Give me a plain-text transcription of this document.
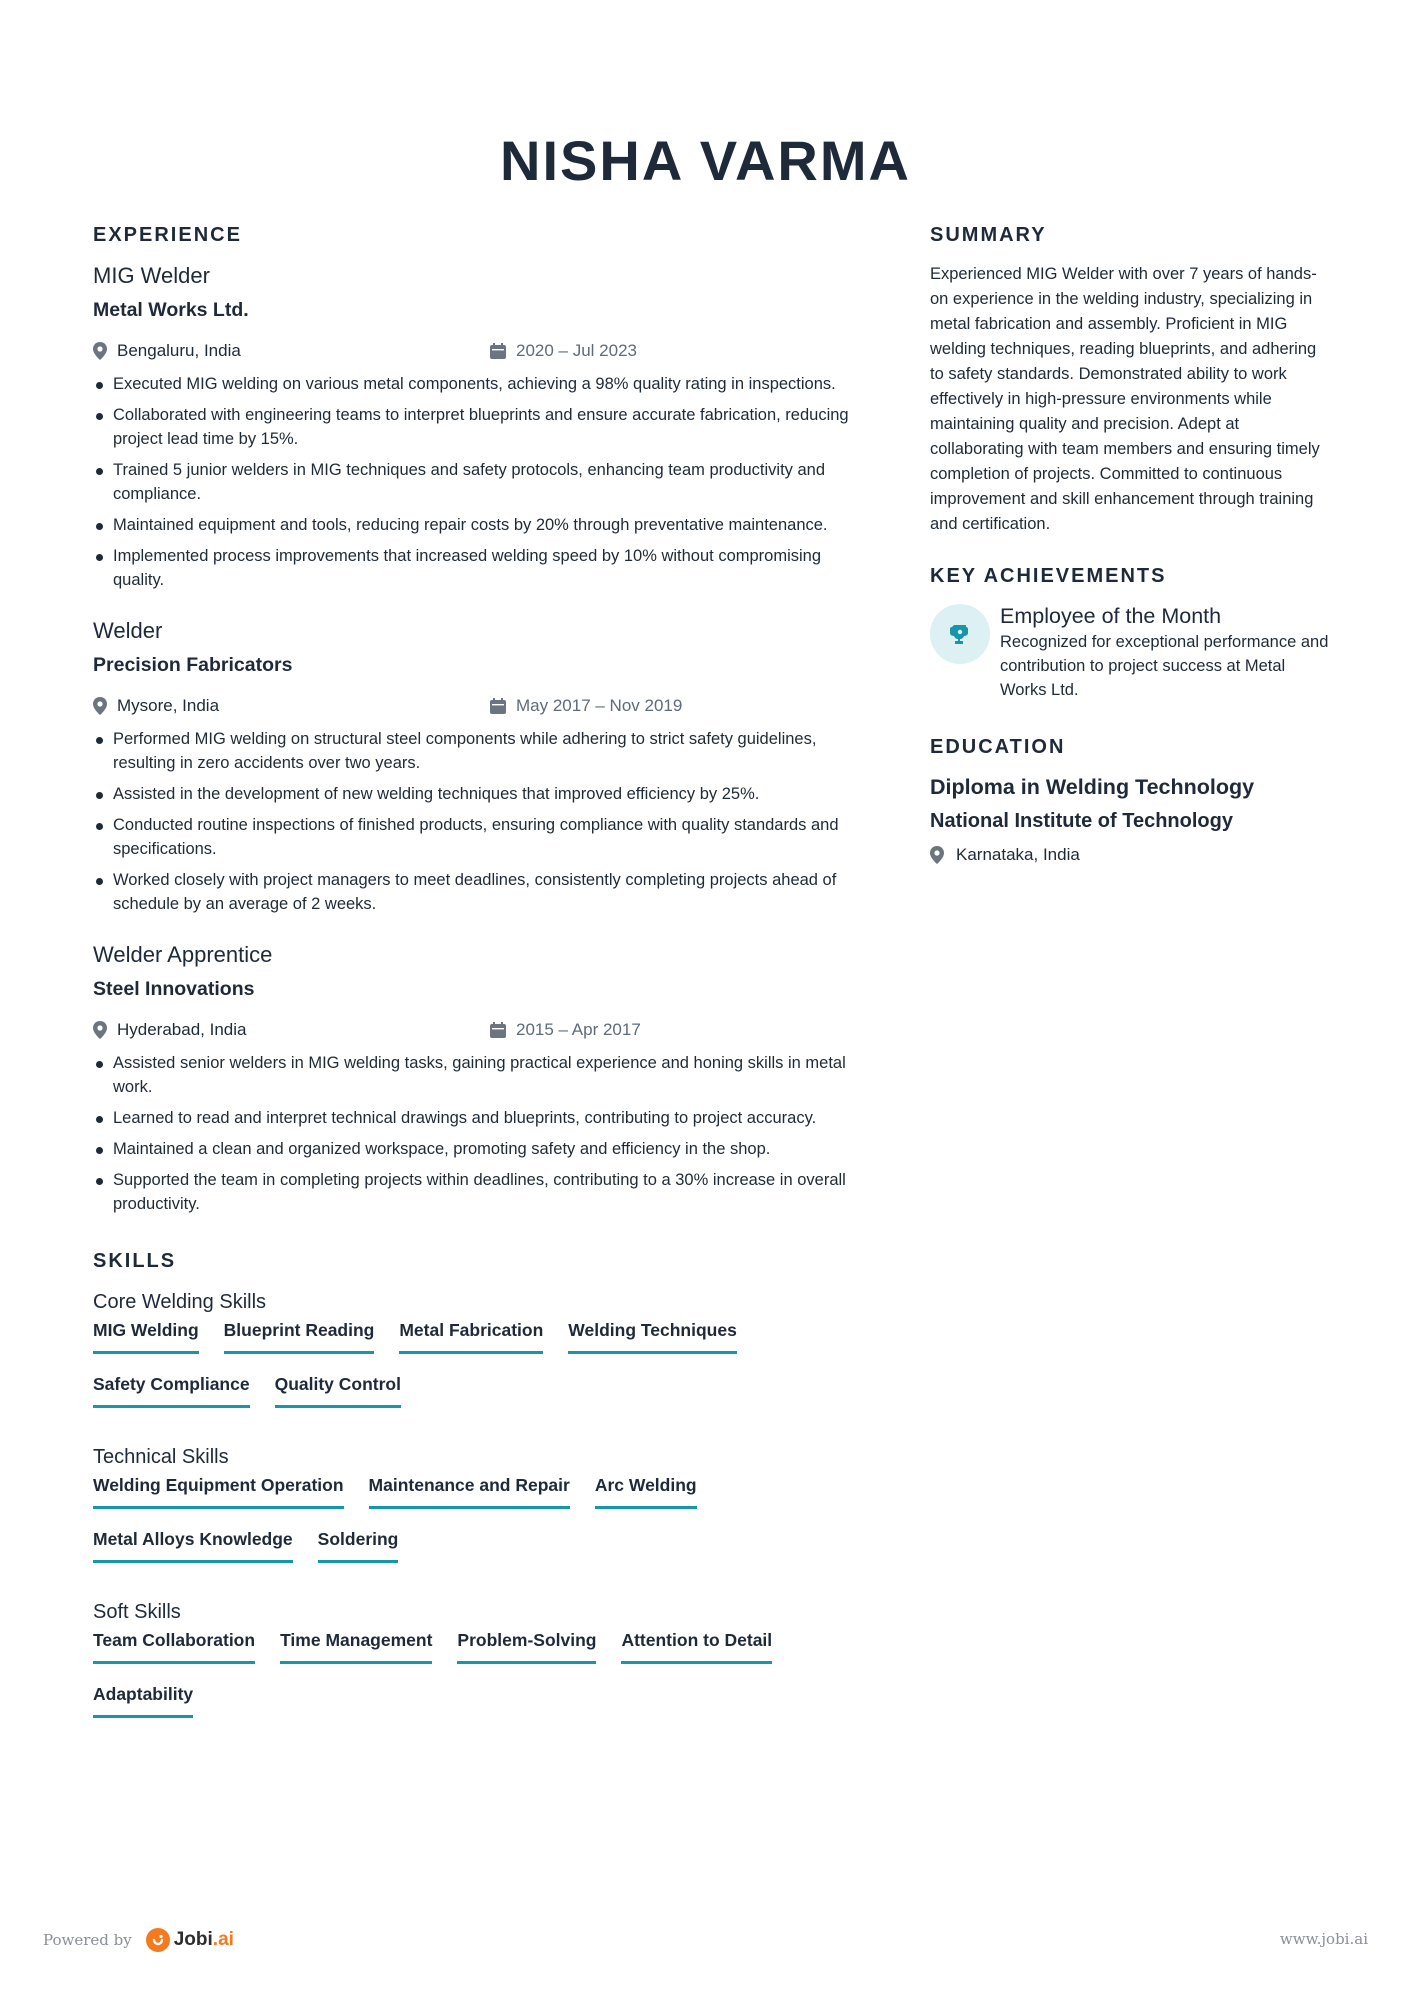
NISHA VARMA
EXPERIENCE
MIG Welder
Metal Works Ltd.
Bengaluru, India	2020 – Jul 2023
Executed MIG welding on various metal components, achieving a 98% quality rating in inspections.
Collaborated with engineering teams to interpret blueprints and ensure accurate fabrication, reducing project lead time by 15%.
Trained 5 junior welders in MIG techniques and safety protocols, enhancing team productivity and compliance.
Maintained equipment and tools, reducing repair costs by 20% through preventative maintenance.
Implemented process improvements that increased welding speed by 10% without compromising quality.
Welder
Precision Fabricators
Mysore, India	May 2017 – Nov 2019
Performed MIG welding on structural steel components while adhering to strict safety guidelines, resulting in zero accidents over two years.
Assisted in the development of new welding techniques that improved efficiency by 25%.
Conducted routine inspections of finished products, ensuring compliance with quality standards and specifications.
Worked closely with project managers to meet deadlines, consistently completing projects ahead of schedule by an average of 2 weeks.
Welder Apprentice
Steel Innovations
Hyderabad, India	2015 – Apr 2017
Assisted senior welders in MIG welding tasks, gaining practical experience and honing skills in metal work.
Learned to read and interpret technical drawings and blueprints, contributing to project accuracy.
Maintained a clean and organized workspace, promoting safety and efficiency in the shop.
Supported the team in completing projects within deadlines, contributing to a 30% increase in overall productivity.
SKILLS
Core Welding Skills
MIG Welding Blueprint Reading Metal Fabrication Welding Techniques
Safety Compliance Quality Control
Technical Skills
Welding Equipment Operation Maintenance and Repair Arc Welding
Metal Alloys Knowledge Soldering
Soft Skills
Team Collaboration Time Management Problem-Solving Attention to Detail
Adaptability
SUMMARY
Experienced MIG Welder with over 7 years of hands-on experience in the welding industry, specializing in metal fabrication and assembly. Proficient in MIG welding techniques, reading blueprints, and adhering to safety standards. Demonstrated ability to work effectively in high-pressure environments while maintaining quality and precision. Adept at collaborating with team members and ensuring timely completion of projects. Committed to continuous improvement and skill enhancement through training and certification.
KEY ACHIEVEMENTS
Employee of the Month
Recognized for exceptional performance and contribution to project success at Metal Works Ltd.
EDUCATION
Diploma in Welding Technology
National Institute of Technology
Karnataka, India
Powered by Jobi.ai	www.jobi.ai
